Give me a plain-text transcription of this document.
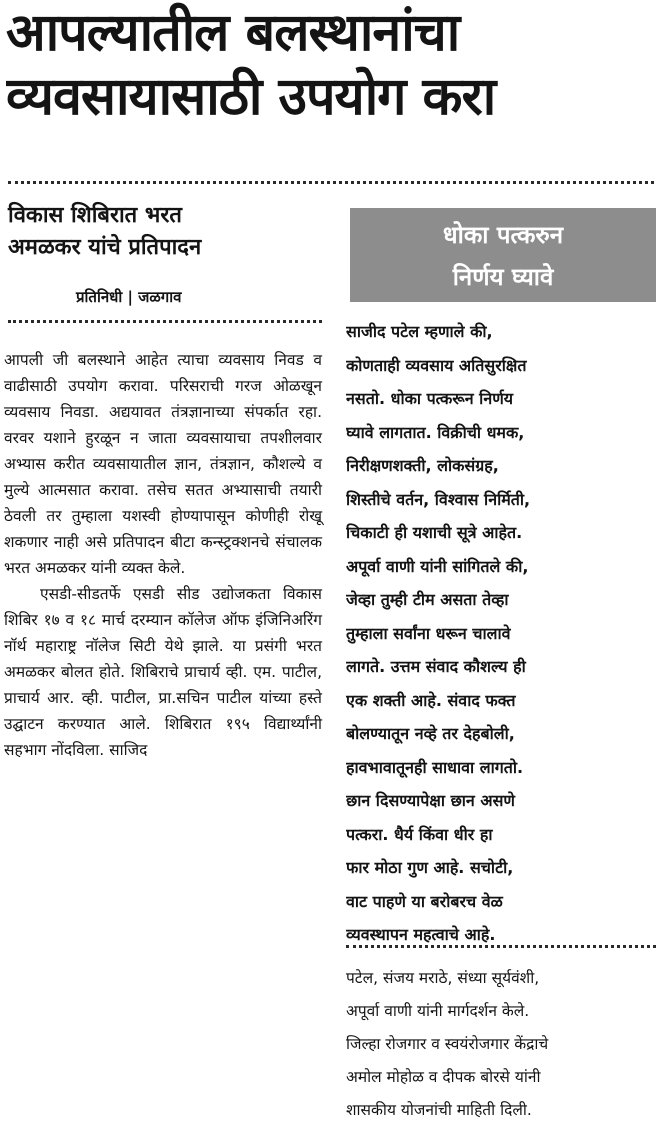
आपल्यातील बलस्थानांचा
व्यवसायासाठी उपयोग करा
विकास शिबिरात भरत
अमळकर यांचे प्रतिपादन
प्रतिनिधी | जळगाव

आपली जी बलस्थाने आहेत त्याचा व्यवसाय निवड व वाढीसाठी उपयोग करावा. परिसराची गरज ओळखून व्यवसाय निवडा. अद्ययावत तंत्रज्ञानाच्या संपर्कात रहा. वरवर यशाने हुरळून न जाता व्यवसायाचा तपशीलवार अभ्यास करीत व्यवसायातील ज्ञान, तंत्रज्ञान, कौशल्ये व मुल्ये आत्मसात करावा. तसेच सतत अभ्यासाची तयारी ठेवली तर तुम्हाला यशस्वी होण्यापासून कोणीही रोखू शकणार नाही असे प्रतिपादन बीटा कन्स्ट्रक्शनचे संचालक भरत अमळकर यांनी व्यक्त केले.

एसडी-सीडतर्फे एसडी सीड उद्योजकता विकास शिबिर १७ व १८ मार्च दरम्यान कॉलेज ऑफ इंजिनिअरिंग नॉर्थ महाराष्ट्र नॉलेज सिटी येथे झाले. या प्रसंगी भरत अमळकर बोलत होते. शिबिराचे प्राचार्य व्ही. एम. पाटील, प्राचार्य आर. व्ही. पाटील, प्रा.सचिन पाटील यांच्या हस्ते उद्घाटन करण्यात आले. शिबिरात १९५ विद्यार्थ्यांनी सहभाग नोंदविला. साजिद

धोका पत्करुन
निर्णय घ्यावे
साजीद पटेल म्हणाले की,
कोणताही व्यवसाय अतिसुरक्षित
नसतो. धोका पत्करून निर्णय
घ्यावे लागतात. विक्रीची धमक,
निरीक्षणशक्ती, लोकसंग्रह,
शिस्तीचे वर्तन, विश्वास निर्मिती,
चिकाटी ही यशाची सूत्रे आहेत.
अपूर्वा वाणी यांनी सांगितले की,
जेव्हा तुम्ही टीम असता तेव्हा
तुम्हाला सर्वांना धरून चालावे
लागते. उत्तम संवाद कौशल्य ही
एक शक्ती आहे. संवाद फक्त
बोलण्यातून नव्हे तर देहबोली,
हावभावातूनही साधावा लागतो.
छान दिसण्यापेक्षा छान असणे
पत्करा. धैर्य किंवा धीर हा
फार मोठा गुण आहे. सचोटी,
वाट पाहणे या बरोबरच वेळ
व्यवस्थापन महत्वाचे आहे.
पटेल, संजय मराठे, संध्या सूर्यवंशी,
अपूर्वा वाणी यांनी मार्गदर्शन केले.
जिल्हा रोजगार व स्वयंरोजगार केंद्राचे
अमोल मोहोळ व दीपक बोरसे यांनी
शासकीय योजनांची माहिती दिली.
